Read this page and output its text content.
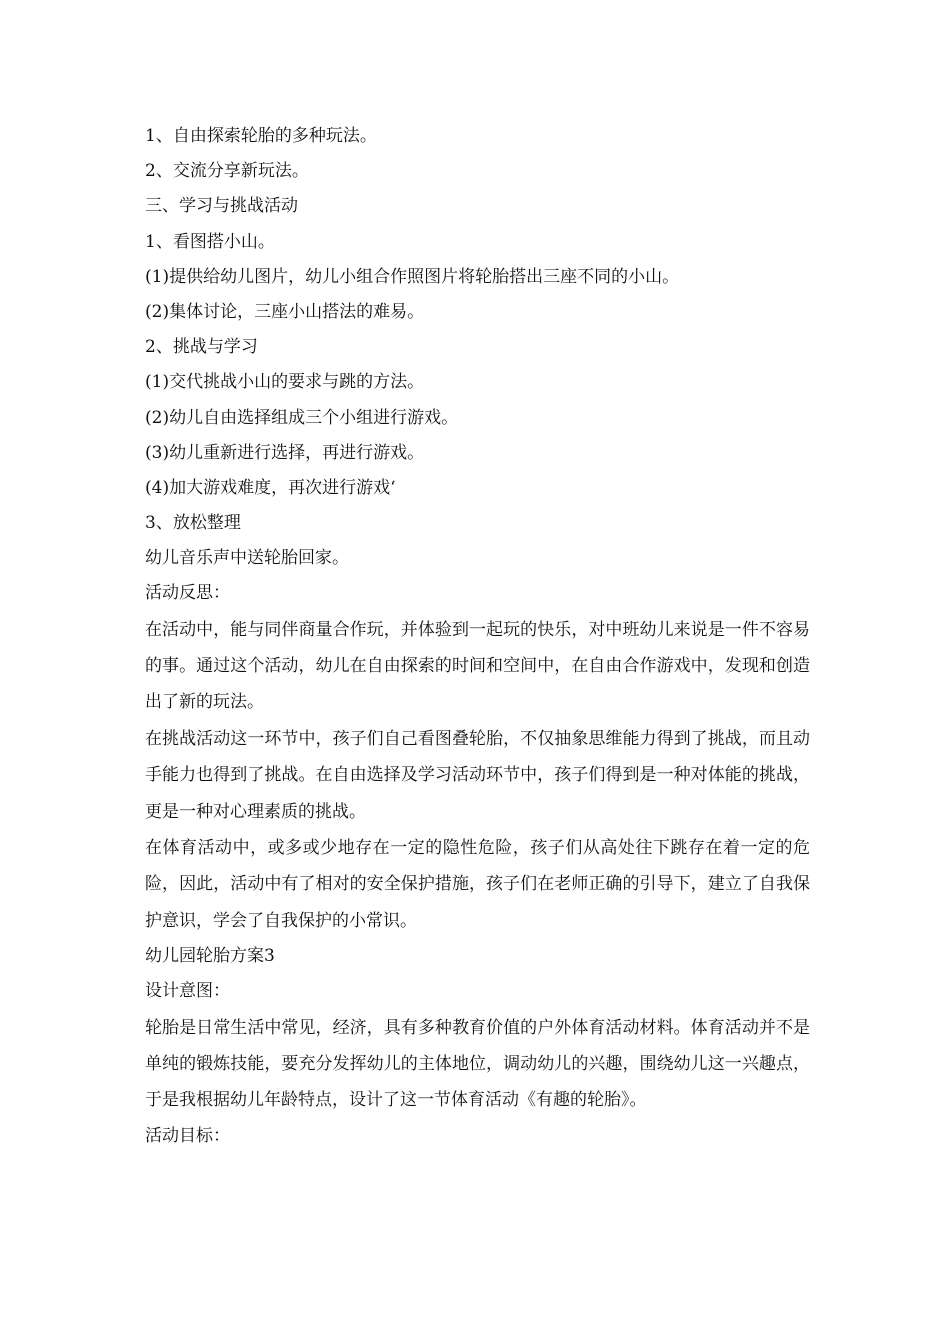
1、自由探索轮胎的多种玩法。

2、交流分享新玩法。

三、学习与挑战活动

1、看图搭小山。

(1)提供给幼儿图片，幼儿小组合作照图片将轮胎搭出三座不同的小山。

(2)集体讨论，三座小山搭法的难易。

2、挑战与学习

(1)交代挑战小山的要求与跳的方法。

(2)幼儿自由选择组成三个小组进行游戏。

(3)幼儿重新进行选择，再进行游戏。

(4)加大游戏难度，再次进行游戏‘

3、放松整理

幼儿音乐声中送轮胎回家。

活动反思：

在活动中，能与同伴商量合作玩，并体验到一起玩的快乐，对中班幼儿来说是一件不容易的事。通过这个活动，幼儿在自由探索的时间和空间中，在自由合作游戏中，发现和创造出了新的玩法。

在挑战活动这一环节中，孩子们自己看图叠轮胎，不仅抽象思维能力得到了挑战，而且动手能力也得到了挑战。在自由选择及学习活动环节中，孩子们得到是一种对体能的挑战，更是一种对心理素质的挑战。

在体育活动中，或多或少地存在一定的隐性危险，孩子们从高处往下跳存在着一定的危险，因此，活动中有了相对的安全保护措施，孩子们在老师正确的引导下，建立了自我保护意识，学会了自我保护的小常识。

幼儿园轮胎方案3

设计意图：

轮胎是日常生活中常见，经济，具有多种教育价值的户外体育活动材料。体育活动并不是单纯的锻炼技能，要充分发挥幼儿的主体地位，调动幼儿的兴趣，围绕幼儿这一兴趣点，于是我根据幼儿年龄特点，设计了这一节体育活动《有趣的轮胎》。

活动目标：
